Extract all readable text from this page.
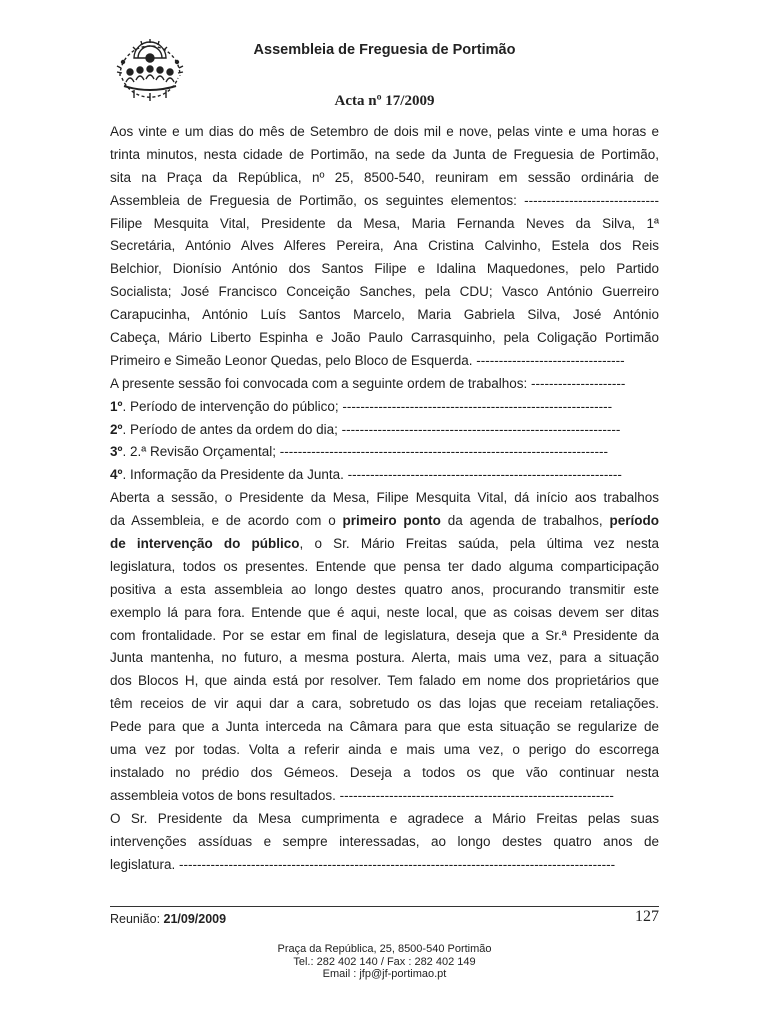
Assembleia de Freguesia de Portimão
Acta nº 17/2009
Aos vinte e um dias do mês de Setembro de dois mil e nove, pelas vinte e uma horas e
trinta minutos, nesta cidade de Portimão, na sede da Junta de Freguesia de Portimão,
sita na Praça da República, nº 25, 8500-540, reuniram em sessão ordinária de
Assembleia de Freguesia de Portimão, os seguintes elementos: ------------------------------
Filipe Mesquita Vital, Presidente da Mesa, Maria Fernanda Neves da Silva, 1ª
Secretária, António Alves Alferes Pereira, Ana Cristina Calvinho, Estela dos Reis
Belchior, Dionísio António dos Santos Filipe e Idalina Maquedones, pelo Partido
Socialista; José Francisco Conceição Sanches, pela CDU; Vasco António Guerreiro
Carapucinha, António Luís Santos Marcelo, Maria Gabriela Silva, José António
Cabeça, Mário Liberto Espinha e João Paulo Carrasquinho, pela Coligação Portimão
Primeiro e Simeão Leonor Quedas, pelo Bloco de Esquerda. ---------------------------------
A presente sessão foi convocada com a seguinte ordem de trabalhos: ---------------------
1º. Período de intervenção do público; ------------------------------------------------------------
2º. Período de antes da ordem do dia; --------------------------------------------------------------
3º. 2.ª Revisão Orçamental; -------------------------------------------------------------------------
4º. Informação da Presidente da Junta. -------------------------------------------------------------
Aberta a sessão, o Presidente da Mesa, Filipe Mesquita Vital, dá início aos trabalhos
da Assembleia, e de acordo com o primeiro ponto da agenda de trabalhos, período
de intervenção do público, o Sr. Mário Freitas saúda, pela última vez nesta
legislatura, todos os presentes. Entende que pensa ter dado alguma comparticipação
positiva a esta assembleia ao longo destes quatro anos, procurando transmitir este
exemplo lá para fora. Entende que é aqui, neste local, que as coisas devem ser ditas
com frontalidade. Por se estar em final de legislatura, deseja que a Sr.ª Presidente da
Junta mantenha, no futuro, a mesma postura. Alerta, mais uma vez, para a situação
dos Blocos H, que ainda está por resolver. Tem falado em nome dos proprietários que
têm receios de vir aqui dar a cara, sobretudo os das lojas que receiam retaliações.
Pede para que a Junta interceda na Câmara para que esta situação se regularize de
uma vez por todas. Volta a referir ainda e mais uma vez, o perigo do escorrega
instalado no prédio dos Gémeos. Deseja a todos os que vão continuar nesta
assembleia votos de bons resultados. -------------------------------------------------------------
O Sr. Presidente da Mesa cumprimenta e agradece a Mário Freitas pelas suas
intervenções assíduas e sempre interessadas, ao longo destes quatro anos de
legislatura. -------------------------------------------------------------------------------------------------
Reunião: 21/09/2009	127
Praça da República, 25, 8500-540 Portimão
Tel.: 282 402 140 / Fax : 282 402 149
Email : jfp@jf-portimao.pt
